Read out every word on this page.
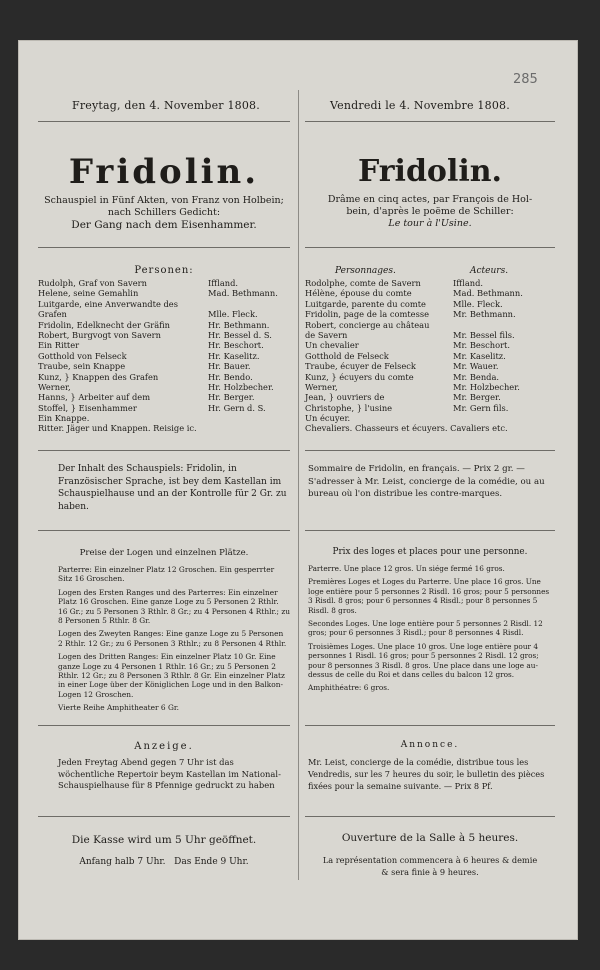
285
Freytag, den 4. November 1808.	Vendredi le 4. Novembre 1808.
Fridolin.	Fridolin.
Schauspiel in Fünf Akten, von Franz von Holbein;
nach Schillers Gedicht:
Der Gang nach dem Eisenhammer.
Drâme en cinq actes, par François de Hol-
bein, d'après le poëme de Schiller:
Le tour à l'Usine.
Personen:
Rudolph, Graf von Savern	Iffland.
Helene, seine Gemahlin	Mad. Bethmann.
Luitgarde, eine Anverwandte des
Grafen	Mlle. Fleck.
Fridolin, Edelknecht der Gräfin	Hr. Bethmann.
Robert, Burgvogt von Savern	Hr. Bessel d. S.
Ein Ritter	Hr. Beschort.
Gotthold von Felseck	Hr. Kaselitz.
Traube, sein Knappe	Hr. Bauer.
Kunz, } Knappen des Grafen	Hr. Bendo.
Werner,	Hr. Holzbecher.
Hanns, } Arbeiter auf dem	Hr. Berger.
Stoffel, } Eisenhammer	Hr. Gern d. S.
Ein Knappe.
Ritter. Jäger und Knappen. Reisige ic.
Personnages.	Acteurs.
Rodolphe, comte de Savern	Iffland.
Hélène, épouse du comte	Mad. Bethmann.
Luitgarde, parente du comte	Mlle. Fleck.
Fridolin, page de la comtesse	Mr. Bethmann.
Robert, concierge au château
de Savern	Mr. Bessel fils.
Un chevalier	Mr. Beschort.
Gotthold de Felseck	Mr. Kaselitz.
Traube, écuyer de Felseck	Mr. Wauer.
Kunz, } écuyers du comte	Mr. Benda.
Werner,	Mr. Holzbecher.
Jean, } ouvriers de	Mr. Berger.
Christophe, } l'usine	Mr. Gern fils.
Un écuyer.
Chevaliers. Chasseurs et écuyers. Cavaliers etc.
Der Inhalt des Schauspiels: Fridolin, in Französischer Sprache, ist bey dem Kastellan im Schauspielhause und an der Kontrolle für 2 Gr. zu haben.
Sommaire de Fridolin, en français. — Prix 2 gr. — S'adresser à Mr. Leist, concierge de la comédie, ou au bureau où l'on distribue les contre-marques.
Preise der Logen und einzelnen Plätze.

Parterre: Ein einzelner Platz 12 Groschen. Ein gesperrter Sitz 16 Groschen.

Logen des Ersten Ranges und des Parterres: Ein einzelner Platz 16 Groschen. Eine ganze Loge zu 5 Personen 2 Rthlr. 16 Gr.; zu 5 Personen 3 Rthlr. 8 Gr.; zu 4 Personen 4 Rthlr.; zu 8 Personen 5 Rthlr. 8 Gr.

Logen des Zweyten Ranges: Eine ganze Loge zu 5 Personen 2 Rthlr. 12 Gr.; zu 6 Personen 3 Rthlr.; zu 8 Personen 4 Rthlr.

Logen des Dritten Ranges: Ein einzelner Platz 10 Gr. Eine ganze Loge zu 4 Personen 1 Rthlr. 16 Gr.; zu 5 Personen 2 Rthlr. 12 Gr.; zu 8 Personen 3 Rthlr. 8 Gr. Ein einzelner Platz in einer Loge über der Königlichen Loge und in den Balkon-Logen 12 Groschen.

Vierte Reihe Amphitheater 6 Gr.

Prix des loges et places pour une personne.

Parterre. Une place 12 gros. Un siége fermé 16 gros.

Premières Loges et Loges du Parterre. Une place 16 gros. Une loge entière pour 5 personnes 2 Risdl. 16 gros; pour 5 personnes 3 Risdl. 8 gros; pour 6 personnes 4 Risdl.; pour 8 personnes 5 Risdl. 8 gros.

Secondes Loges. Une loge entière pour 5 personnes 2 Risdl. 12 gros; pour 6 personnes 3 Risdl.; pour 8 personnes 4 Risdl.

Troisièmes Loges. Une place 10 gros. Une loge entière pour 4 personnes 1 Risdl. 16 gros; pour 5 personnes 2 Risdl. 12 gros; pour 8 personnes 3 Risdl. 8 gros. Une place dans une loge au-dessus de celle du Roi et dans celles du balcon 12 gros.

Amphithéatre: 6 gros.

Anzeige.
Jeden Freytag Abend gegen 7 Uhr ist das wöchentliche Repertoir beym Kastellan im National-Schauspielhause für 8 Pfennige gedruckt zu haben
Annonce.
Mr. Leist, concierge de la comédie, distribue tous les Vendredis, sur les 7 heures du soir, le bulletin des pièces fixées pour la semaine suivante. — Prix 8 Pf.
Die Kasse wird um 5 Uhr geöffnet.
Anfang halb 7 Uhr.   Das Ende 9 Uhr.
Ouverture de la Salle à 5 heures.
La représentation commencera à 6 heures & demie
& sera finie à 9 heures.
